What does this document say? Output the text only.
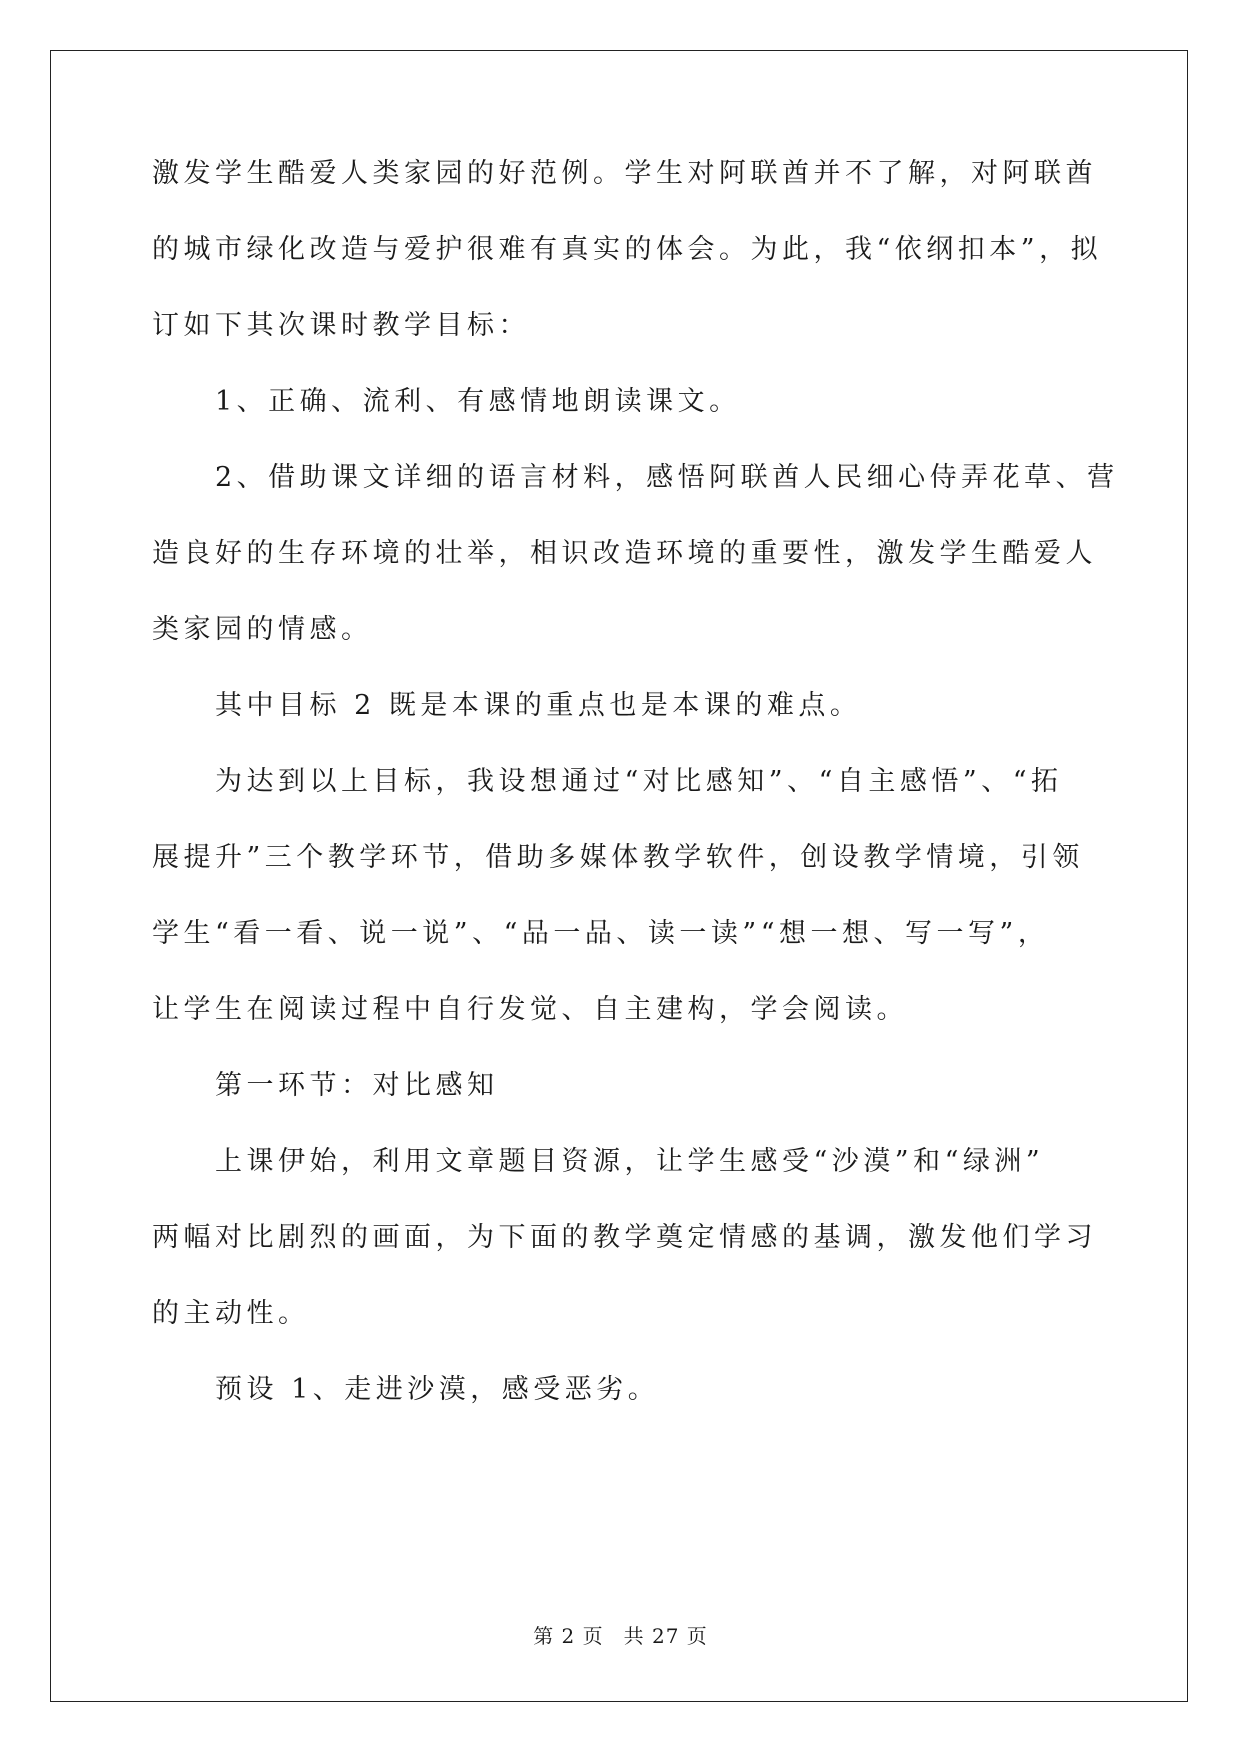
激发学生酷爱人类家园的好范例。学生对阿联酋并不了解，对阿联酋

的城市绿化改造与爱护很难有真实的体会。为此，我“依纲扣本”，拟

订如下其次课时教学目标：

1、正确、流利、有感情地朗读课文。

2、借助课文详细的语言材料，感悟阿联酋人民细心侍弄花草、营

造良好的生存环境的壮举，相识改造环境的重要性，激发学生酷爱人

类家园的情感。

其中目标 2 既是本课的重点也是本课的难点。

为达到以上目标，我设想通过“对比感知”、“自主感悟”、“拓

展提升”三个教学环节，借助多媒体教学软件，创设教学情境，引领

学生“看一看、说一说”、“品一品、读一读”“想一想、写一写”，

让学生在阅读过程中自行发觉、自主建构，学会阅读。

第一环节：对比感知

上课伊始，利用文章题目资源，让学生感受“沙漠”和“绿洲”

两幅对比剧烈的画面，为下面的教学奠定情感的基调，激发他们学习

的主动性。

预设 1、走进沙漠，感受恶劣。

第 2 页 共 27 页
